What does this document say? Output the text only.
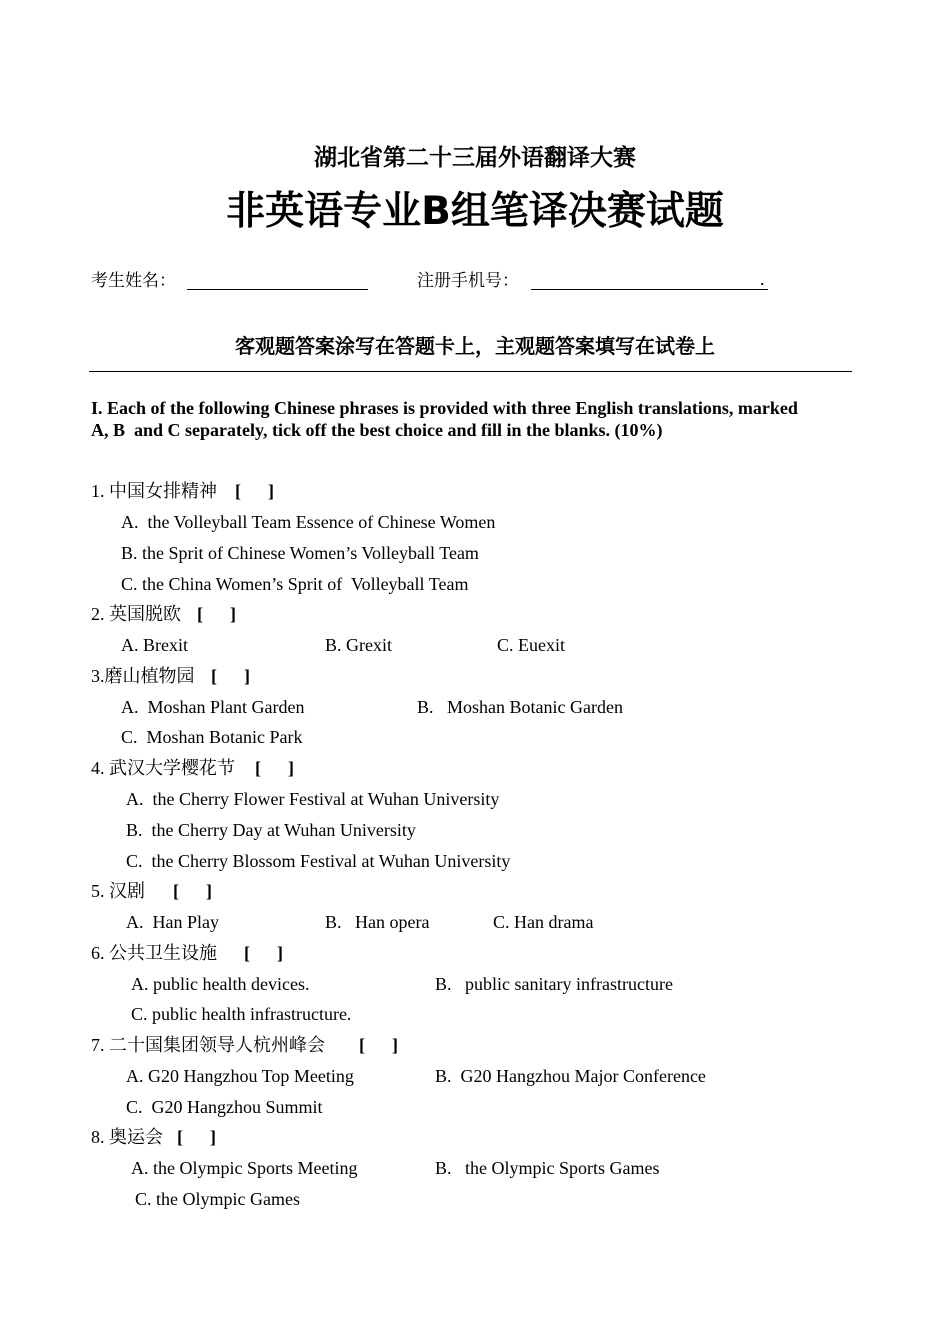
湖北省第二十三届外语翻译大赛
非英语专业B组笔译决赛试题
考生姓名：	注册手机号：	.
客观题答案涂写在答题卡上，主观题答案填写在试卷上
I. Each of the following Chinese phrases is provided with three English translations, marked
A, B  and C separately, tick off the best choice and fill in the blanks. (10%)
1. 中国女排精神 [      ]
A.  the Volleyball Team Essence of Chinese Women
B. the Sprit of Chinese Women’s Volleyball Team
C. the China Women’s Sprit of  Volleyball Team
2. 英国脱欧 [      ]
A. Brexit	B. Grexit	C. Euexit
3.磨山植物园 [      ]
A.  Moshan Plant Garden	B.   Moshan Botanic Garden
C.  Moshan Botanic Park
4. 武汉大学樱花节 [      ]
A.  the Cherry Flower Festival at Wuhan University
B.  the Cherry Day at Wuhan University
C.  the Cherry Blossom Festival at Wuhan University
5. 汉剧 [      ]
A.  Han Play	B.   Han opera	C. Han drama
6. 公共卫生设施 [      ]
A. public health devices.	B.   public sanitary infrastructure
C. public health infrastructure.
7. 二十国集团领导人杭州峰会 [      ]
A. G20 Hangzhou Top Meeting	B.  G20 Hangzhou Major Conference
C.  G20 Hangzhou Summit
8. 奥运会 [      ]
A. the Olympic Sports Meeting	B.   the Olympic Sports Games
C. the Olympic Games
